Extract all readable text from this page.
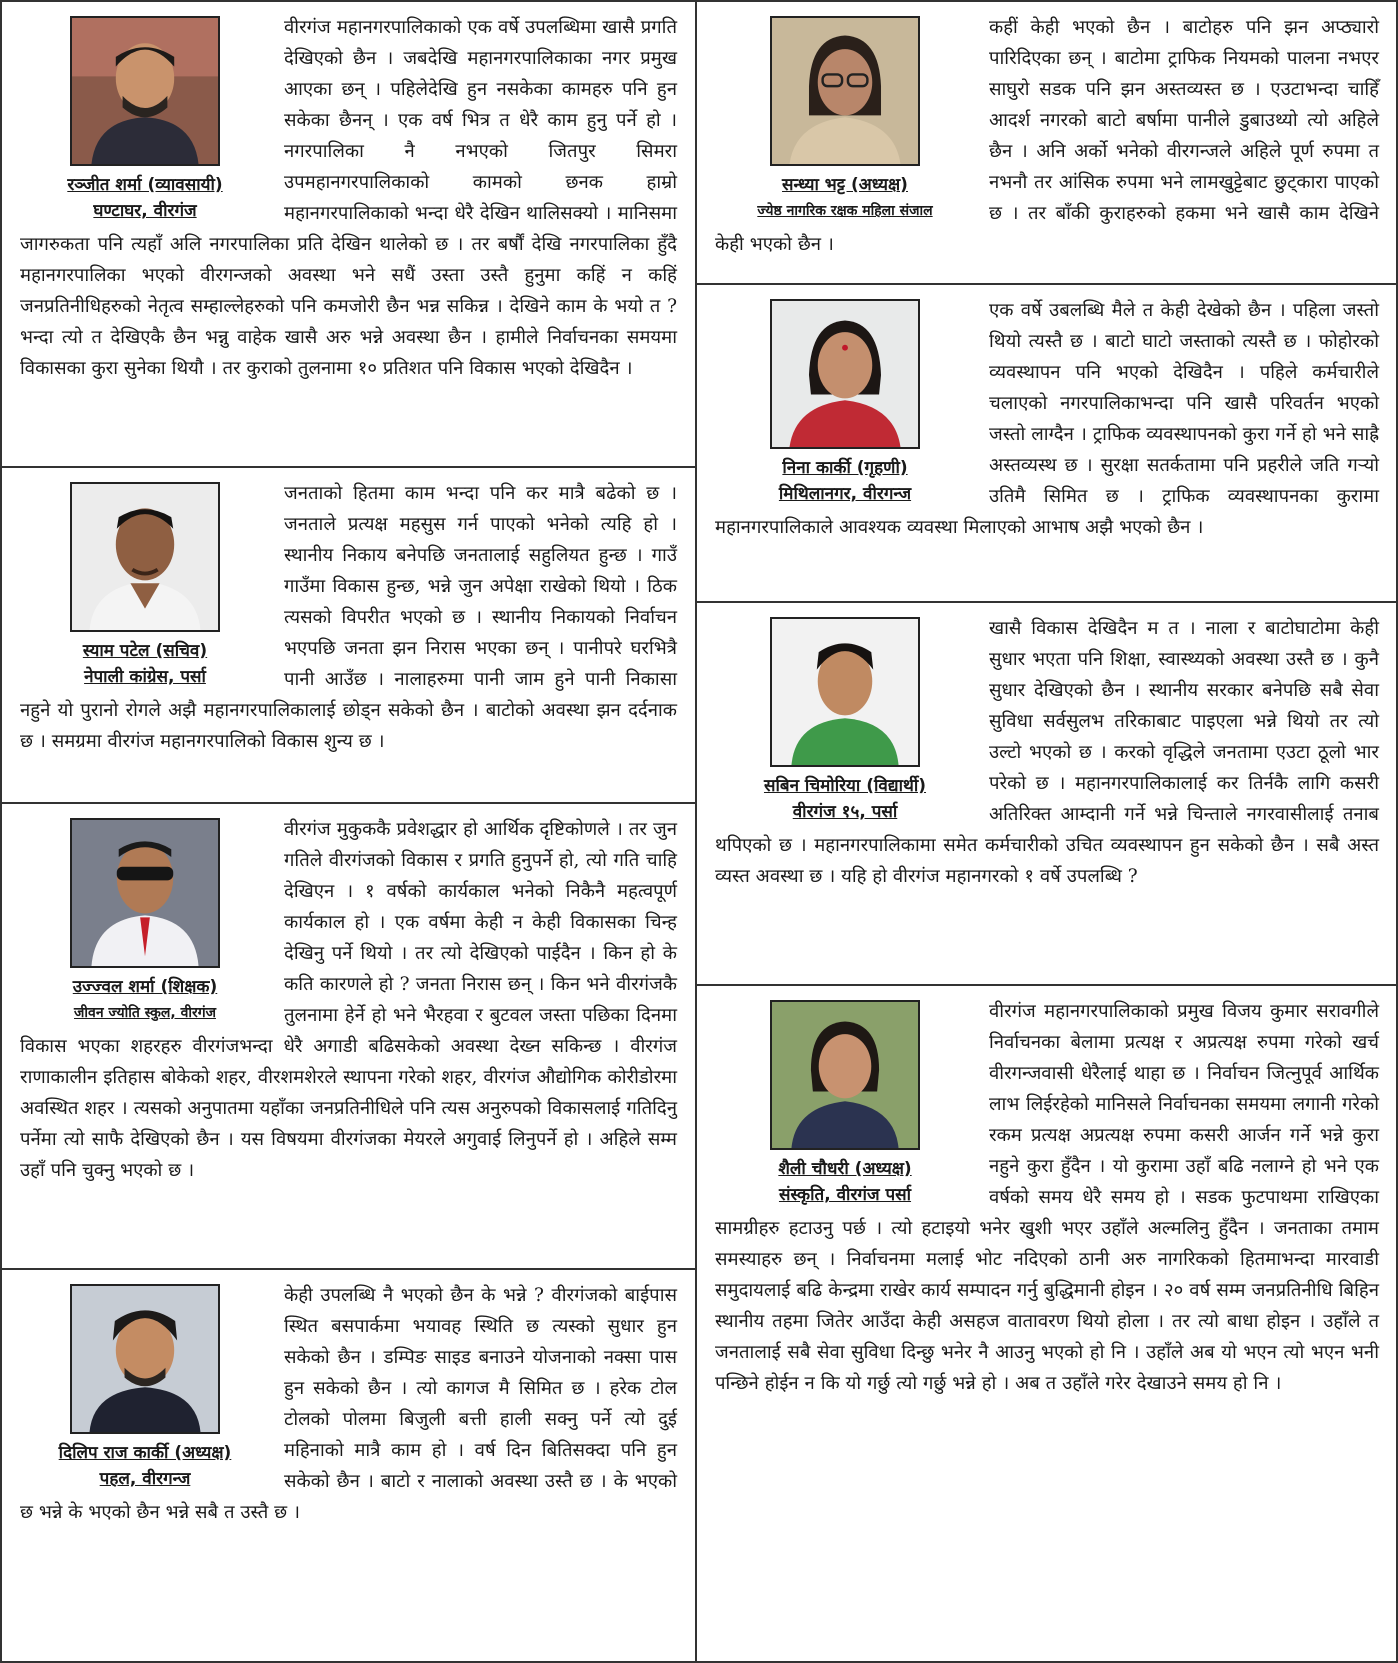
रञ्जीत शर्मा (व्यावसायी)
घण्टाघर, वीरगंज

वीरगंज महानगरपालिकाको एक वर्षे उपलब्धिमा खासै प्रगति देखिएको छैन । जबदेखि महानगरपालिकाका नगर प्रमुख आएका छन् । पहिलेदेखि हुन नसकेका कामहरु पनि हुन सकेका छैनन् । एक वर्ष भित्र त धेरै काम हुनु पर्ने हो । नगरपालिका नै नभएको जितपुर सिमरा उपमहानगरपालिकाको कामको छनक हाम्रो महानगरपालिकाको भन्दा धेरै देखिन थालिसक्यो । मानिसमा जागरुकता पनि त्यहाँ अलि नगरपालिका प्रति देखिन थालेको छ । तर बर्षौं देखि नगरपालिका हुँदै महानगरपालिका भएको वीरगन्जको अवस्था भने सधैं उस्ता उस्तै हुनुमा कहिं न कहिं जनप्रतिनीधिहरुको नेतृत्व सम्हाल्लेहरुको पनि कमजोरी छैन भन्न सकिन्न । देखिने काम के भयो त ? भन्दा त्यो त देखिएकै छैन भन्नु वाहेक खासै अरु भन्ने अवस्था छैन । हामीले निर्वाचनका समयमा विकासका कुरा सुनेका थियौ । तर कुराको तुलनामा १० प्रतिशत पनि विकास भएको देखिदैन ।

स्याम पटेल (सचिव)
नेपाली कांग्रेस, पर्सा

जनताको हितमा काम भन्दा पनि कर मात्रै बढेको छ । जनताले प्रत्यक्ष महसुस गर्न पाएको भनेको त्यहि हो । स्थानीय निकाय बनेपछि जनतालाई सहुलियत हुन्छ । गाउँ गाउँमा विकास हुन्छ, भन्ने जुन अपेक्षा राखेको थियो । ठिक त्यसको विपरीत भएको छ । स्थानीय निकायको निर्वाचन भएपछि जनता झन निरास भएका छन् । पानीपरे घरभित्रै पानी आउँछ । नालाहरुमा पानी जाम हुने पानी निकासा नहुने यो पुरानो रोगले अझै महानगरपालिकालाई छोड्न सकेको छैन । बाटोको अवस्था झन दर्दनाक छ । समग्रमा वीरगंज महानगरपालिको विकास शुन्य छ ।

उज्ज्वल शर्मा (शिक्षक)
जीवन ज्योति स्कुल, वीरगंज

वीरगंज मुकुककै प्रवेशद्धार हो आर्थिक दृष्टिकोणले । तर जुन गतिले वीरगंजको विकास र प्रगति हुनुपर्ने हो, त्यो गति चाहि देखिएन । १ वर्षको कार्यकाल भनेको निकैनै महत्वपूर्ण कार्यकाल हो । एक वर्षमा केही न केही विकासका चिन्ह देखिनु पर्ने थियो । तर त्यो देखिएको पाईदैन । किन हो के कति कारणले हो ? जनता निरास छन् । किन भने वीरगंजकै तुलनामा हेर्ने हो भने भैरहवा र बुटवल जस्ता पछिका दिनमा विकास भएका शहरहरु वीरगंजभन्दा धेरै अगाडी बढिसकेको अवस्था देख्न सकिन्छ । वीरगंज राणाकालीन इतिहास बोकेको शहर, वीरशमशेरले स्थापना गरेको शहर, वीरगंज औद्योगिक कोरीडोरमा अवस्थित शहर । त्यसको अनुपातमा यहाँका जनप्रतिनीधिले पनि त्यस अनुरुपको विकासलाई गतिदिनु पर्नेमा त्यो साफै देखिएको छैन । यस विषयमा वीरगंजका मेयरले अगुवाई लिनुपर्ने हो । अहिले सम्म उहाँ पनि चुक्नु भएको छ ।

दिलिप राज कार्की (अध्यक्ष)
पहल, वीरगन्ज

केही उपलब्धि नै भएको छैन के भन्ने ? वीरगंजको बाईपास स्थित बसपार्कमा भयावह स्थिति छ त्यस्को सुधार हुन सकेको छैन । डम्पिङ साइड बनाउने योजनाको नक्सा पास हुन सकेको छैन । त्यो कागज मै सिमित छ । हरेक टोल टोलको पोलमा बिजुली बत्ती हाली सक्नु पर्ने त्यो दुई महिनाको मात्रै काम हो । वर्ष दिन बितिसक्दा पनि हुन सकेको छैन । बाटो र नालाको अवस्था उस्तै छ । के भएको छ भन्ने के भएको छैन भन्ने सबै त उस्तै छ ।

सन्ध्या भट्ट (अध्यक्ष)
ज्येष्ठ नागरिक रक्षक महिला संजाल

कहीं केही भएको छैन । बाटोहरु पनि झन अप्ठ्यारो पारिदिएका छन् । बाटोमा ट्राफिक नियमको पालना नभएर साघुरो सडक पनि झन अस्तव्यस्त छ । एउटाभन्दा चाहिँ आदर्श नगरको बाटो बर्षामा पानीले डुबाउथ्यो त्यो अहिले छैन । अनि अर्को भनेको वीरगन्जले अहिले पूर्ण रुपमा त नभनौ तर आंसिक रुपमा भने लामखुट्टेबाट छुट्कारा पाएको छ । तर बाँकी कुराहरुको हकमा भने खासै काम देखिने केही भएको छैन ।

निना कार्की (गृहणी)
मिथिलानगर, वीरगन्ज

एक वर्षे उबलब्धि मैले त केही देखेको छैन । पहिला जस्तो थियो त्यस्तै छ । बाटो घाटो जस्ताको त्यस्तै छ । फोहोरको व्यवस्थापन पनि भएको देखिदैन । पहिले कर्मचारीले चलाएको नगरपालिकाभन्दा पनि खासै परिवर्तन भएको जस्तो लाग्दैन । ट्राफिक व्यवस्थापनको कुरा गर्ने हो भने साह्रै अस्तव्यस्थ छ । सुरक्षा सतर्कतामा पनि प्रहरीले जति गऱ्यो उतिमै सिमित छ । ट्राफिक व्यवस्थापनका कुरामा महानगरपालिकाले आवश्यक व्यवस्था मिलाएको आभाष अझै भएको छैन ।

सबिन चिमोरिया (विद्यार्थी)
वीरगंज १५, पर्सा

खासै विकास देखिदैन म त । नाला र बाटोघाटोमा केही सुधार भएता पनि शिक्षा, स्वास्थ्यको अवस्था उस्तै छ । कुनै सुधार देखिएको छैन । स्थानीय सरकार बनेपछि सबै सेवा सुविधा सर्वसुलभ तरिकाबाट पाइएला भन्ने थियो तर त्यो उल्टो भएको छ । करको वृद्धिले जनतामा एउटा ठूलो भार परेको छ । महानगरपालिकालाई कर तिर्नकै लागि कसरी अतिरिक्त आम्दानी गर्ने भन्ने चिन्ताले नगरवासीलाई तनाब थपिएको छ । महानगरपालिकामा समेत कर्मचारीको उचित व्यवस्थापन हुन सकेको छैन । सबै अस्त व्यस्त अवस्था छ । यहि हो वीरगंज महानगरको १ वर्षे उपलब्धि ?

शैली चौधरी (अध्यक्ष)
संस्कृति, वीरगंज पर्सा

वीरगंज महानगरपालिकाको प्रमुख विजय कुमार सरावगीले निर्वाचनका बेलामा प्रत्यक्ष र अप्रत्यक्ष रुपमा गरेको खर्च वीरगन्जवासी धेरैलाई थाहा छ । निर्वाचन जित्नुपूर्व आर्थिक लाभ लिईरहेको मानिसले निर्वाचनका समयमा लगानी गरेको रकम प्रत्यक्ष अप्रत्यक्ष रुपमा कसरी आर्जन गर्ने भन्ने कुरा नहुने कुरा हुँदैन । यो कुरामा उहाँ बढि नलाग्ने हो भने एक वर्षको समय धेरै समय हो । सडक फुटपाथमा राखिएका सामग्रीहरु हटाउनु पर्छ । त्यो हटाइयो भनेर खुशी भएर उहाँले अल्मलिनु हुँदैन । जनताका तमाम समस्याहरु छन् । निर्वाचनमा मलाई भोट नदिएको ठानी अरु नागरिकको हितमाभन्दा मारवाडी समुदायलाई बढि केन्द्रमा राखेर कार्य सम्पादन गर्नु बुद्धिमानी होइन । २० वर्ष सम्म जनप्रतिनीधि बिहिन स्थानीय तहमा जितेर आउँदा केही असहज वातावरण थियो होला । तर त्यो बाधा होइन । उहाँले त जनतालाई सबै सेवा सुविधा दिन्छु भनेर नै आउनु भएको हो नि । उहाँले अब यो भएन त्यो भएन भनी पन्छिने होईन न कि यो गर्छु त्यो गर्छु भन्ने हो । अब त उहाँले गरेर देखाउने समय हो नि ।
